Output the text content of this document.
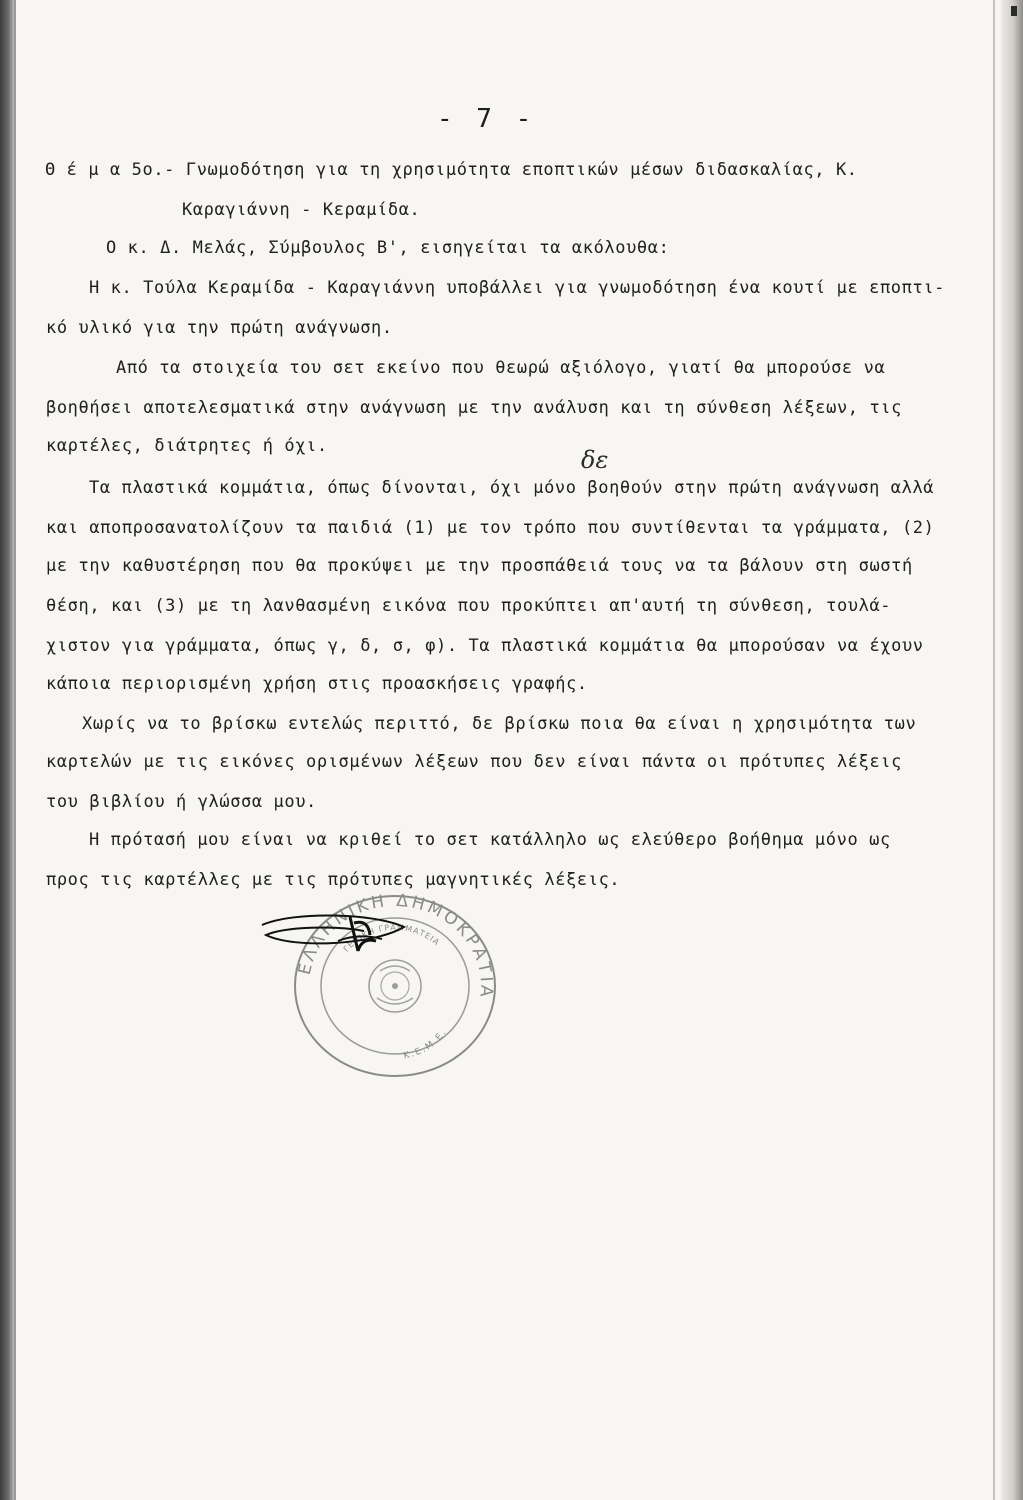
- 7 -
Θ έ μ α 5ο.- Γνωμοδότηση για τη χρησιμότητα εποπτικών μέσων διδασκαλίας, Κ.
Καραγιάννη - Κεραμίδα.
Ο κ. Δ. Μελάς, Σύμβουλος Β', εισηγείται τα ακόλουθα:
Η κ. Τούλα Κεραμίδα - Καραγιάννη υποβάλλει για γνωμοδότηση ένα κουτί με εποπτι-
κό υλικό για την πρώτη ανάγνωση.
Από τα στοιχεία του σετ εκείνο που θεωρώ αξιόλογο, γιατί θα μπορούσε να
βοηθήσει αποτελεσματικά στην ανάγνωση με την ανάλυση και τη σύνθεση λέξεων, τις
καρτέλες, διάτρητες ή όχι.	δε
Τα πλαστικά κομμάτια, όπως δίνονται, όχι μόνο βοηθούν στην πρώτη ανάγνωση αλλά
και αποπροσανατολίζουν τα παιδιά (1) με τον τρόπο που συντίθενται τα γράμματα, (2)
με την καθυστέρηση που θα προκύψει με την προσπάθειά τους να τα βάλουν στη σωστή
θέση, και (3) με τη λανθασμένη εικόνα που προκύπτει απ'αυτή τη σύνθεση, τουλά-
χιστον για γράμματα, όπως γ, δ, σ, φ). Τα πλαστικά κομμάτια θα μπορούσαν να έχουν
κάποια περιορισμένη χρήση στις προασκήσεις γραφής.
Χωρίς να το βρίσκω εντελώς περιττό, δε βρίσκω ποια θα είναι η χρησιμότητα των
καρτελών με τις εικόνες ορισμένων λέξεων που δεν είναι πάντα οι πρότυπες λέξεις
του βιβλίου ή γλώσσα μου.
Η πρότασή μου είναι να κριθεί το σετ κατάλληλο ως ελεύθερο βοήθημα μόνο ως
προς τις καρτέλλες με τις πρότυπες μαγνητικές λέξεις.
ΕΛΛΗΝΙΚΗ ΔΗΜΟΚΡΑΤΙΑ
ΓΕΝΙΚΗ ΓΡΑΜΜΑΤΕΙΑ
Κ.Ε.Μ.Ε.
